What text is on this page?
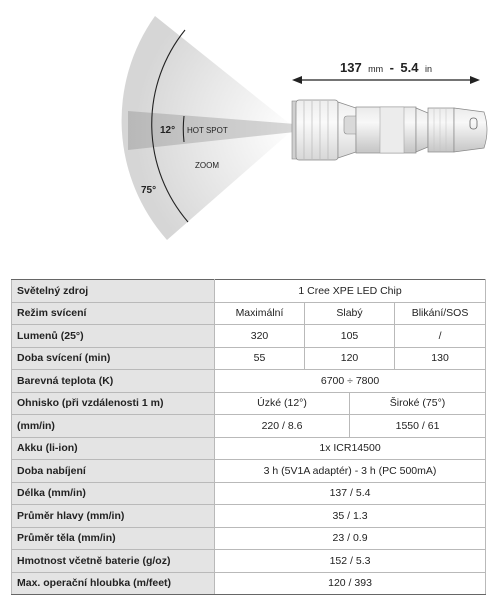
137 mm - 5.4 in
12° HOT SPOT
ZOOM
75°
Světelný zdroj	1 Cree XPE LED Chip			
Režim svícení	Maximální	Slabý		Blikání/SOS
Lumenů (25°)	320	105		/
Doba svícení (min)	55	120		130
Barevná teplota (K)	6700 ÷ 7800			
Ohnisko (při vzdálenosti 1 m)	Úzké (12°)		Široké (75°)	
(mm/in)	220 / 8.6		1550 / 61	
Akku (li-ion)	1x ICR14500			
Doba nabíjení	3 h (5V1A adaptér) - 3 h (PC 500mA)			
Délka (mm/in)	137 / 5.4			
Průměr hlavy (mm/in)	35 / 1.3			
Průměr těla (mm/in)	23 / 0.9			
Hmotnost včetně baterie (g/oz)	152 / 5.3			
Max. operační hloubka (m/feet)	120 / 393			
